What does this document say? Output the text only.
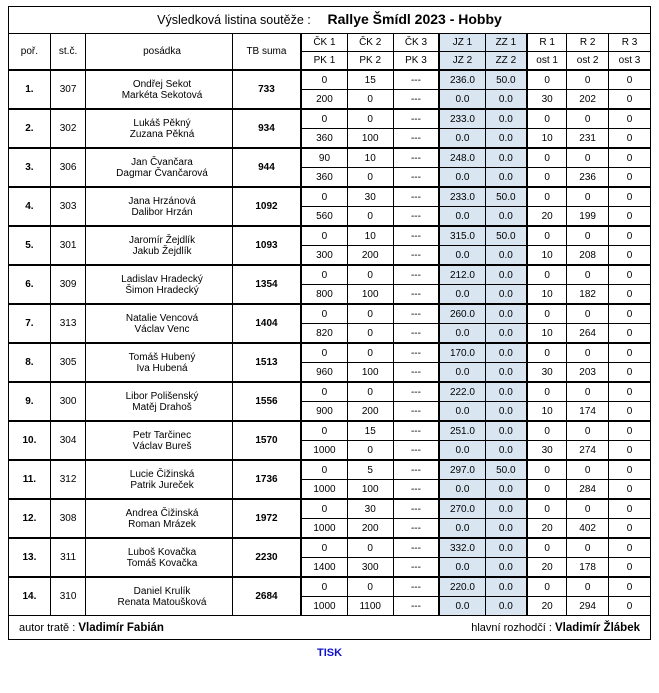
Výsledková listina soutěže : Rallye Šmídl 2023 - Hobby											
poř.	st.č.	posádka	TB suma	ČK 1	ČK 2	ČK 3	JZ 1	ZZ 1	R 1	R 2	R 3
				PK 1	PK 2	PK 3	JZ 2	ZZ 2	ost 1	ost 2	ost 3
1.	307	Ondřej Sekot
Markéta Sekotová	733	0	15	---	236.0	50.0	0	0	0
				200	0	---	0.0	0.0	30	202	0
2.	302	Lukáš Pěkný
Zuzana Pěkná	934	0	0	---	233.0	0.0	0	0	0
				360	100	---	0.0	0.0	10	231	0
3.	306	Jan Čvančara
Dagmar Čvančarová	944	90	10	---	248.0	0.0	0	0	0
				360	0	---	0.0	0.0	0	236	0
4.	303	Jana Hrzánová
Dalibor Hrzán	1092	0	30	---	233.0	50.0	0	0	0
				560	0	---	0.0	0.0	20	199	0
5.	301	Jaromír Žejdlík
Jakub Žejdlík	1093	0	10	---	315.0	50.0	0	0	0
				300	200	---	0.0	0.0	10	208	0
6.	309	Ladislav Hradecký
Šimon Hradecký	1354	0	0	---	212.0	0.0	0	0	0
				800	100	---	0.0	0.0	10	182	0
7.	313	Natalie Vencová
Václav Venc	1404	0	0	---	260.0	0.0	0	0	0
				820	0	---	0.0	0.0	10	264	0
8.	305	Tomáš Hubený
Iva Hubená	1513	0	0	---	170.0	0.0	0	0	0
				960	100	---	0.0	0.0	30	203	0
9.	300	Libor Polišenský
Matěj Drahoš	1556	0	0	---	222.0	0.0	0	0	0
				900	200	---	0.0	0.0	10	174	0
10.	304	Petr Tarčinec
Václav Bureš	1570	0	15	---	251.0	0.0	0	0	0
				1000	0	---	0.0	0.0	30	274	0
11.	312	Lucie Čižinská
Patrik Jureček	1736	0	5	---	297.0	50.0	0	0	0
				1000	100	---	0.0	0.0	0	284	0
12.	308	Andrea Čižinská
Roman Mrázek	1972	0	30	---	270.0	0.0	0	0	0
				1000	200	---	0.0	0.0	20	402	0
13.	311	Luboš Kovačka
Tomáš Kovačka	2230	0	0	---	332.0	0.0	0	0	0
				1400	300	---	0.0	0.0	20	178	0
14.	310	Daniel Krulík
Renata Matoušková	2684	0	0	---	220.0	0.0	0	0	0
				1000	1100	---	0.0	0.0	20	294	0
autor tratě : Vladimír Fabián	hlavní rozhodčí : Vladimír Žlábek
TISK
